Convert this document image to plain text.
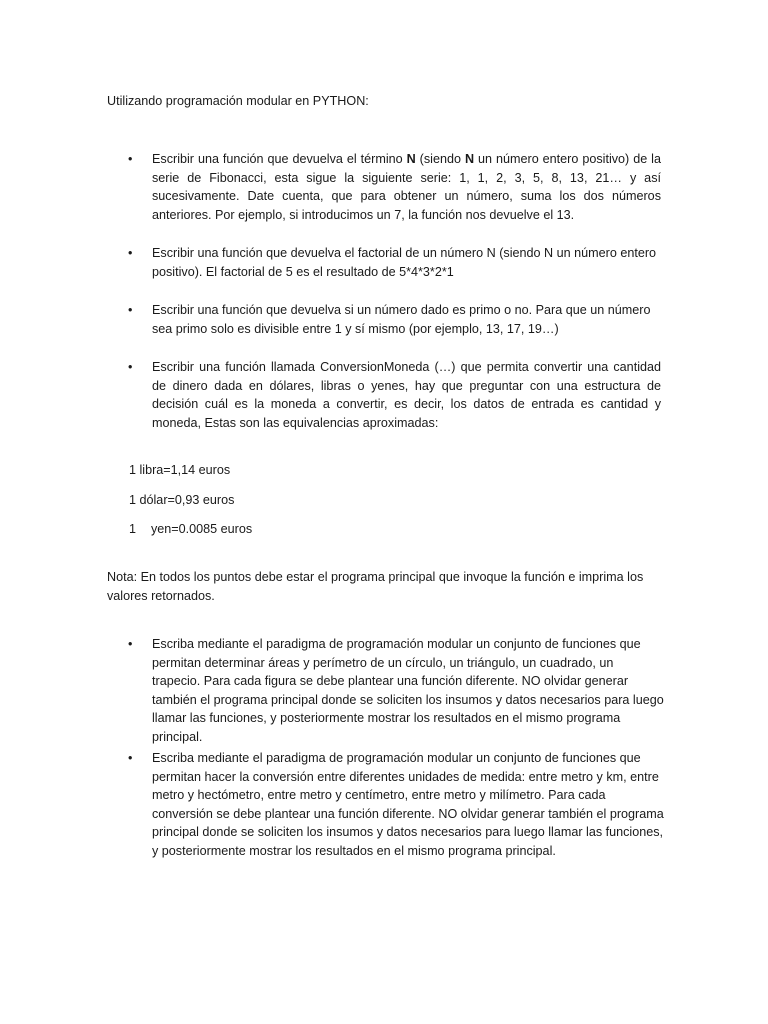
Utilizando programación modular en PYTHON:

•	Escribir una función que devuelva el término N (siendo N un número entero positivo) de la serie de Fibonacci, esta sigue la siguiente serie: 1, 1, 2, 3, 5, 8, 13, 21… y así sucesivamente. Date cuenta, que para obtener un número, suma los dos números anteriores. Por ejemplo, si introducimos un 7, la función nos devuelve el 13.

•	Escribir una función que devuelva el factorial de un número N (siendo N un número entero positivo). El factorial de 5 es el resultado de 5*4*3*2*1

•	Escribir una función que devuelva si un número dado es primo o no. Para que un número sea primo solo es divisible entre 1 y sí mismo (por ejemplo, 13, 17, 19…)

•	Escribir una función llamada ConversionMoneda (…) que permita convertir una cantidad de dinero dada en dólares, libras o yenes, hay que preguntar con una estructura de decisión cuál es la moneda a convertir, es decir, los datos de entrada es cantidad y moneda, Estas son las equivalencias aproximadas:

1 libra=1,14 euros

1 dólar=0,93 euros

1 yen=0.0085 euros

Nota: En todos los puntos debe estar el programa principal que invoque la función e imprima los valores retornados.

•	Escriba mediante el paradigma de programación modular un conjunto de funciones que permitan determinar áreas y perímetro de un círculo, un triángulo, un cuadrado, un trapecio. Para cada figura se debe plantear una función diferente. NO olvidar generar también el programa principal donde se soliciten los insumos y datos necesarios para luego llamar las funciones, y posteriormente mostrar los resultados en el mismo programa principal.

•	Escriba mediante el paradigma de programación modular un conjunto de funciones que permitan hacer la conversión entre diferentes unidades de medida: entre metro y km, entre metro y hectómetro, entre metro y centímetro, entre metro y milímetro. Para cada conversión se debe plantear una función diferente. NO olvidar generar también el programa principal donde se soliciten los insumos y datos necesarios para luego llamar las funciones, y posteriormente mostrar los resultados en el mismo programa principal.
